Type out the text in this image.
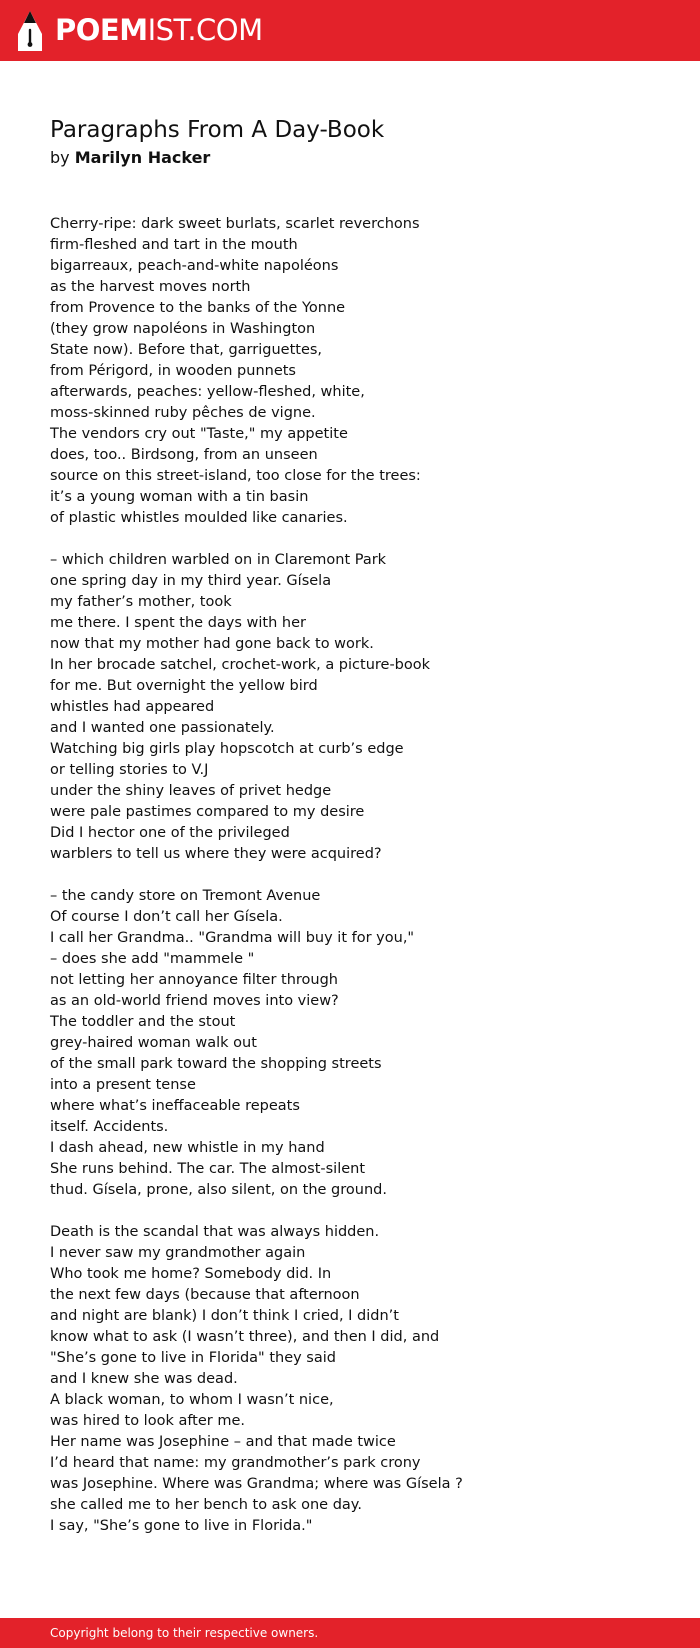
POEMIST.COM
Paragraphs From A Day-Book
by Marilyn Hacker
Cherry-ripe: dark sweet burlats, scarlet reverchons
firm-fleshed and tart in the mouth
bigarreaux, peach-and-white napoléons
as the harvest moves north
from Provence to the banks of the Yonne
(they grow napoléons in Washington
State now). Before that, garriguettes,
from Périgord, in wooden punnets
afterwards, peaches: yellow-fleshed, white,
moss-skinned ruby pêches de vigne.
The vendors cry out "Taste," my appetite
does, too.. Birdsong, from an unseen
source on this street-island, too close for the trees:
it’s a young woman with a tin basin
of plastic whistles moulded like canaries.
– which children warbled on in Claremont Park
one spring day in my third year. Gísela
my father’s mother, took
me there. I spent the days with her
now that my mother had gone back to work.
In her brocade satchel, crochet-work, a picture-book
for me. But overnight the yellow bird
whistles had appeared
and I wanted one passionately.
Watching big girls play hopscotch at curb’s edge
or telling stories to V.J
under the shiny leaves of privet hedge
were pale pastimes compared to my desire
Did I hector one of the privileged
warblers to tell us where they were acquired?
– the candy store on Tremont Avenue
Of course I don’t call her Gísela.
I call her Grandma.. "Grandma will buy it for you,"
– does she add "mammele "
not letting her annoyance filter through
as an old-world friend moves into view?
The toddler and the stout
grey-haired woman walk out
of the small park toward the shopping streets
into a present tense
where what’s ineffaceable repeats
itself. Accidents.
I dash ahead, new whistle in my hand
She runs behind. The car. The almost-silent
thud. Gísela, prone, also silent, on the ground.
Death is the scandal that was always hidden.
I never saw my grandmother again
Who took me home? Somebody did. In
the next few days (because that afternoon
and night are blank) I don’t think I cried, I didn’t
know what to ask (I wasn’t three), and then I did, and
"She’s gone to live in Florida" they said
and I knew she was dead.
A black woman, to whom I wasn’t nice,
was hired to look after me.
Her name was Josephine – and that made twice
I’d heard that name: my grandmother’s park crony
was Josephine. Where was Grandma; where was Gísela ?
she called me to her bench to ask one day.
I say, "She’s gone to live in Florida."
Copyright belong to their respective owners.
